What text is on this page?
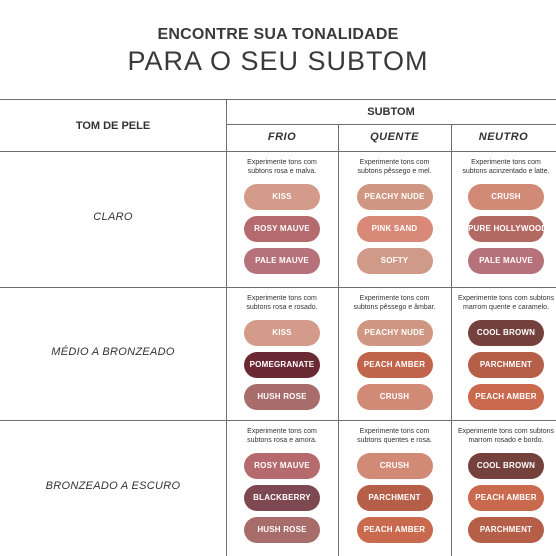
ENCONTRE SUA TONALIDADE
PARA O SEU SUBTOM
TOM DE PELE
SUBTOM
FRIO	QUENTE	NEUTRO
CLARO
Experimente tons com
subtons rosa e malva.
KISS
ROSY MAUVE
PALE MAUVE
Experimente tons com
subtons pêssego e mel.
PEACHY NUDE
PINK SAND
SOFTY
Experimente tons com
subtons acinzentado e latte.
CRUSH
PURE HOLLYWOOD
PALE MAUVE
MÉDIO A BRONZEADO
Experimente tons com
subtons rosa e rosado.
KISS
POMEGRANATE
HUSH ROSE
Experimente tons com
subtons pêssego e âmbar.
PEACHY NUDE
PEACH AMBER
CRUSH
Experimente tons com subtons
marrom quente e caramelo.
COOL BROWN
PARCHMENT
PEACH AMBER
BRONZEADO A ESCURO
Experimente tons com
subtons rosa e amora.
ROSY MAUVE
BLACKBERRY
HUSH ROSE
Experimente tons com
subtons quentes e rosa.
CRUSH
PARCHMENT
PEACH AMBER
Experimente tons com subtons
marrom rosado e bordo.
COOL BROWN
PEACH AMBER
PARCHMENT
